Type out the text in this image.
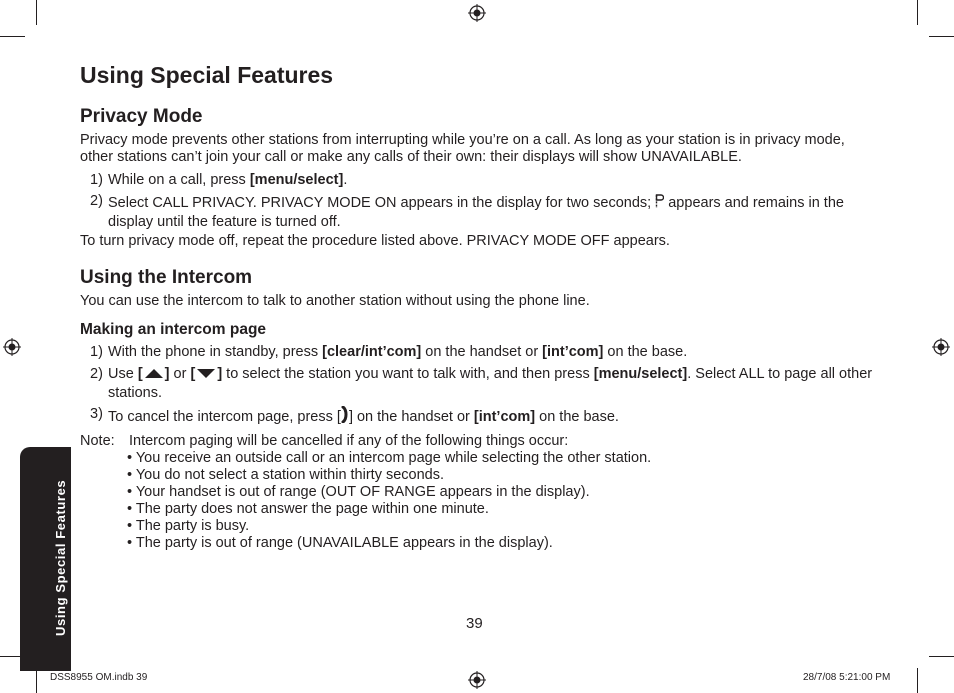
Using Special Features
Privacy Mode

Privacy mode prevents other stations from interrupting while you’re on a call. As long as your station is in privacy mode, other stations can’t join your call or make any calls of their own: their displays will show UNAVAILABLE.

1) While on a call, press [menu/select].
2) Select CALL PRIVACY. PRIVACY MODE ON appears in the display for two seconds;  appears and remains in the display until the feature is turned off.

To turn privacy mode off, repeat the procedure listed above. PRIVACY MODE OFF appears.

Using the Intercom

You can use the intercom to talk to another station without using the phone line.

Making an intercom page
1) With the phone in standby, press [clear/int’com] on the handset or [int’com] on the base.
2) Use [ ] or [ ] to select the station you want to talk with, and then press [menu/select]. Select ALL to page all other stations.
3) To cancel the intercom page, press [ ] on the handset or [int’com] on the base.
Note: Intercom paging will be cancelled if any of the following things occur:
• You receive an outside call or an intercom page while selecting the other station.
• You do not select a station within thirty seconds.
• Your handset is out of range (OUT OF RANGE appears in the display).
• The party does not answer the page within one minute.
• The party is busy.
• The party is out of range (UNAVAILABLE appears in the display).
Using Special Features	39
DSS8955 OM.indb 39	28/7/08 5:21:00 PM
